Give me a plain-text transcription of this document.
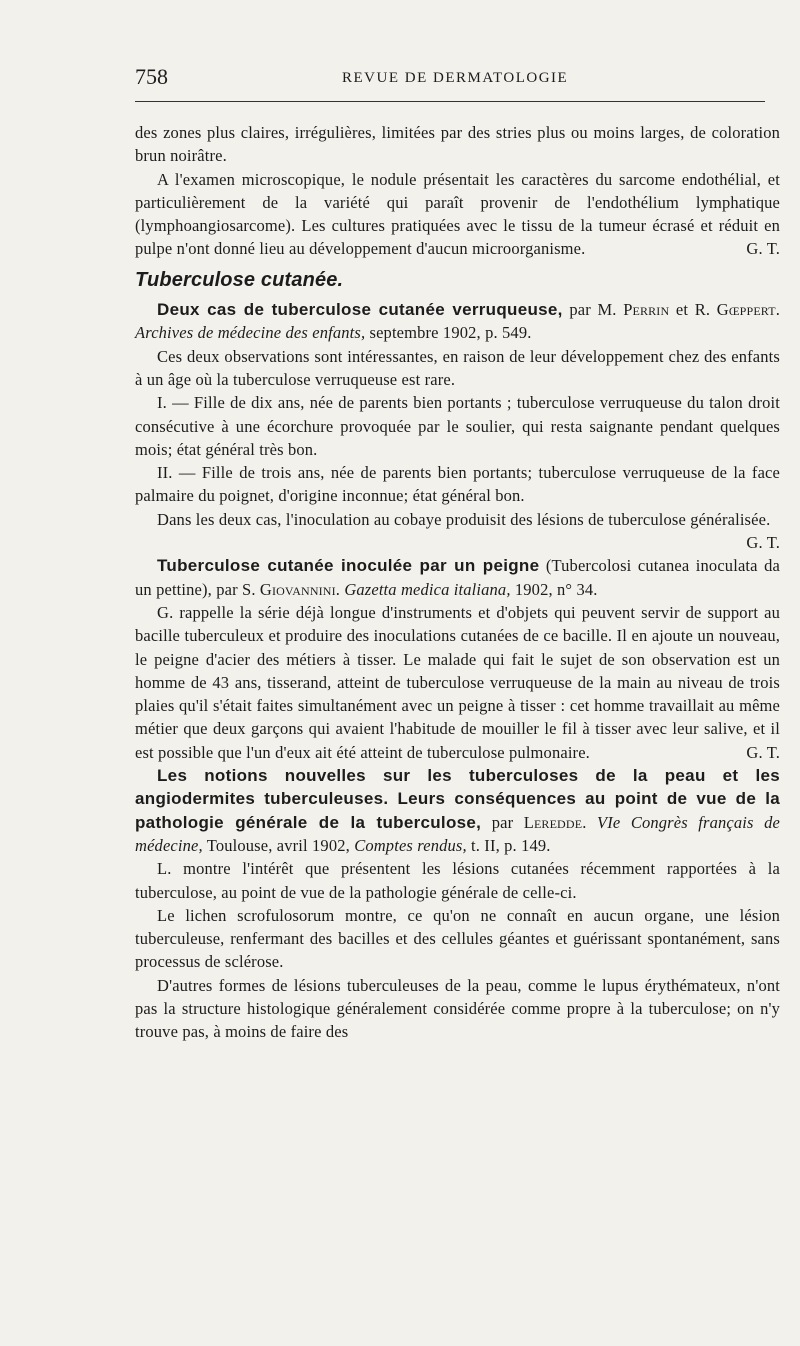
758	REVUE DE DERMATOLOGIE

des zones plus claires, irrégulières, limitées par des stries plus ou moins larges, de coloration brun noirâtre.

A l'examen microscopique, le nodule présentait les caractères du sarcome endothélial, et particulièrement de la variété qui paraît provenir de l'endothélium lymphatique (lymphoangiosarcome). Les cultures pratiquées avec le tissu de la tumeur écrasé et réduit en pulpe n'ont donné lieu au développement d'aucun microorganisme.	G. T.

Tuberculose cutanée.

Deux cas de tuberculose cutanée verruqueuse, par M. Perrin et R. Gœppert. Archives de médecine des enfants, septembre 1902, p. 549.

Ces deux observations sont intéressantes, en raison de leur développement chez des enfants à un âge où la tuberculose verruqueuse est rare.

I. — Fille de dix ans, née de parents bien portants ; tuberculose verruqueuse du talon droit consécutive à une écorchure provoquée par le soulier, qui resta saignante pendant quelques mois; état général très bon.

II. — Fille de trois ans, née de parents bien portants; tuberculose verruqueuse de la face palmaire du poignet, d'origine inconnue; état général bon.

Dans les deux cas, l'inoculation au cobaye produisit des lésions de tuberculose généralisée.
G. T.

Tuberculose cutanée inoculée par un peigne (Tubercolosi cutanea inoculata da un pettine), par S. Giovannini. Gazetta medica italiana, 1902, n° 34.

G. rappelle la série déjà longue d'instruments et d'objets qui peuvent servir de support au bacille tuberculeux et produire des inoculations cutanées de ce bacille. Il en ajoute un nouveau, le peigne d'acier des métiers à tisser. Le malade qui fait le sujet de son observation est un homme de 43 ans, tisserand, atteint de tuberculose verruqueuse de la main au niveau de trois plaies qu'il s'était faites simultanément avec un peigne à tisser : cet homme travaillait au même métier que deux garçons qui avaient l'habitude de mouiller le fil à tisser avec leur salive, et il est possible que l'un d'eux ait été atteint de tuberculose pulmonaire.	G. T.

Les notions nouvelles sur les tuberculoses de la peau et les angiodermites tuberculeuses. Leurs conséquences au point de vue de la pathologie générale de la tuberculose, par Leredde. VIe Congrès français de médecine, Toulouse, avril 1902, Comptes rendus, t. II, p. 149.

L. montre l'intérêt que présentent les lésions cutanées récemment rapportées à la tuberculose, au point de vue de la pathologie générale de celle-ci.

Le lichen scrofulosorum montre, ce qu'on ne connaît en aucun organe, une lésion tuberculeuse, renfermant des bacilles et des cellules géantes et guérissant spontanément, sans processus de sclérose.

D'autres formes de lésions tuberculeuses de la peau, comme le lupus érythémateux, n'ont pas la structure histologique généralement considérée comme propre à la tuberculose; on n'y trouve pas, à moins de faire des
